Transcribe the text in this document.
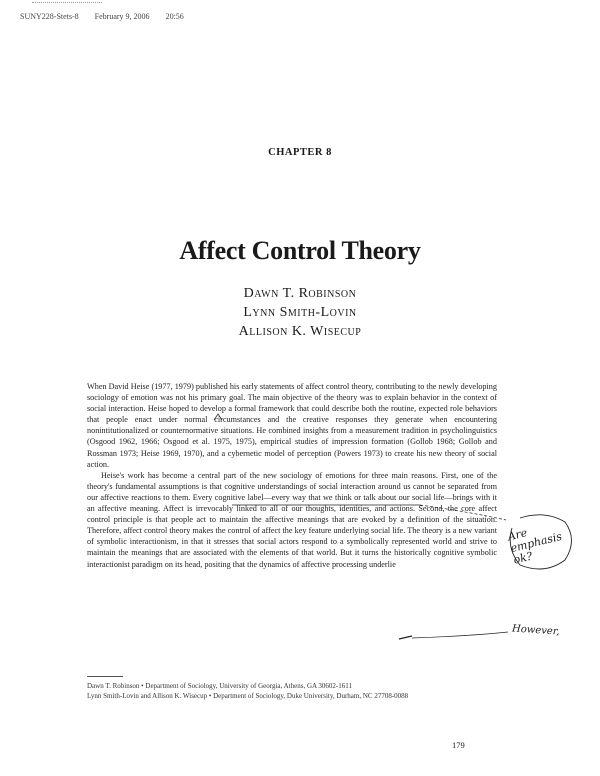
SUNY228-Stets-8 February 9, 2006 20:56
CHAPTER 8
Affect Control Theory
Dawn T. Robinson
Lynn Smith-Lovin
Allison K. Wisecup

When David Heise (1977, 1979) published his early statements of affect control theory, contributing to the newly developing sociology of emotion was not his primary goal. The main objective of the theory was to explain behavior in the context of social interaction. Heise hoped to develop a formal framework that could describe both the routine, expected role behaviors that people enact under normal circumstances and the creative responses they generate when encountering nonintitutionalized or counternormative situations. He combined insights from a measurement tradition in psycholinguistics (Osgood 1962, 1966; Osgood et al. 1975, 1975), empirical studies of impression formation (Gollob 1968; Gollob and Rossman 1973; Heise 1969, 1970), and a cybernetic model of perception (Powers 1973) to create his new theory of social action.

Heise's work has become a central part of the new sociology of emotions for three main reasons. First, one of the theory's fundamental assumptions is that cognitive understandings of social interaction around us cannot be separated from our affective reactions to them. Every cognitive label—every way that we think or talk about our social life—brings with it an affective meaning. Affect is irrevocably linked to all of our thoughts, identities, and actions. Second, the core affect control principle is that people act to maintain the affective meanings that are evoked by a definition of the situation. Therefore, affect control theory makes the control of affect the key feature underlying social life. The theory is a new variant of symbolic interactionism, in that it stresses that social actors respond to a symbolically represented world and strive to maintain the meanings that are associated with the elements of that world. But it turns the historically cognitive symbolic interactionist paradigm on its head, positing that the dynamics of affective processing underlie

Dawn T. Robinson • Department of Sociology, University of Georgia, Athens, GA 30602-1611
Lynn Smith-Lovin and Allison K. Wisecup • Department of Sociology, Duke University, Durham, NC 27708-0088
179
Are emphasis ok?
However,
